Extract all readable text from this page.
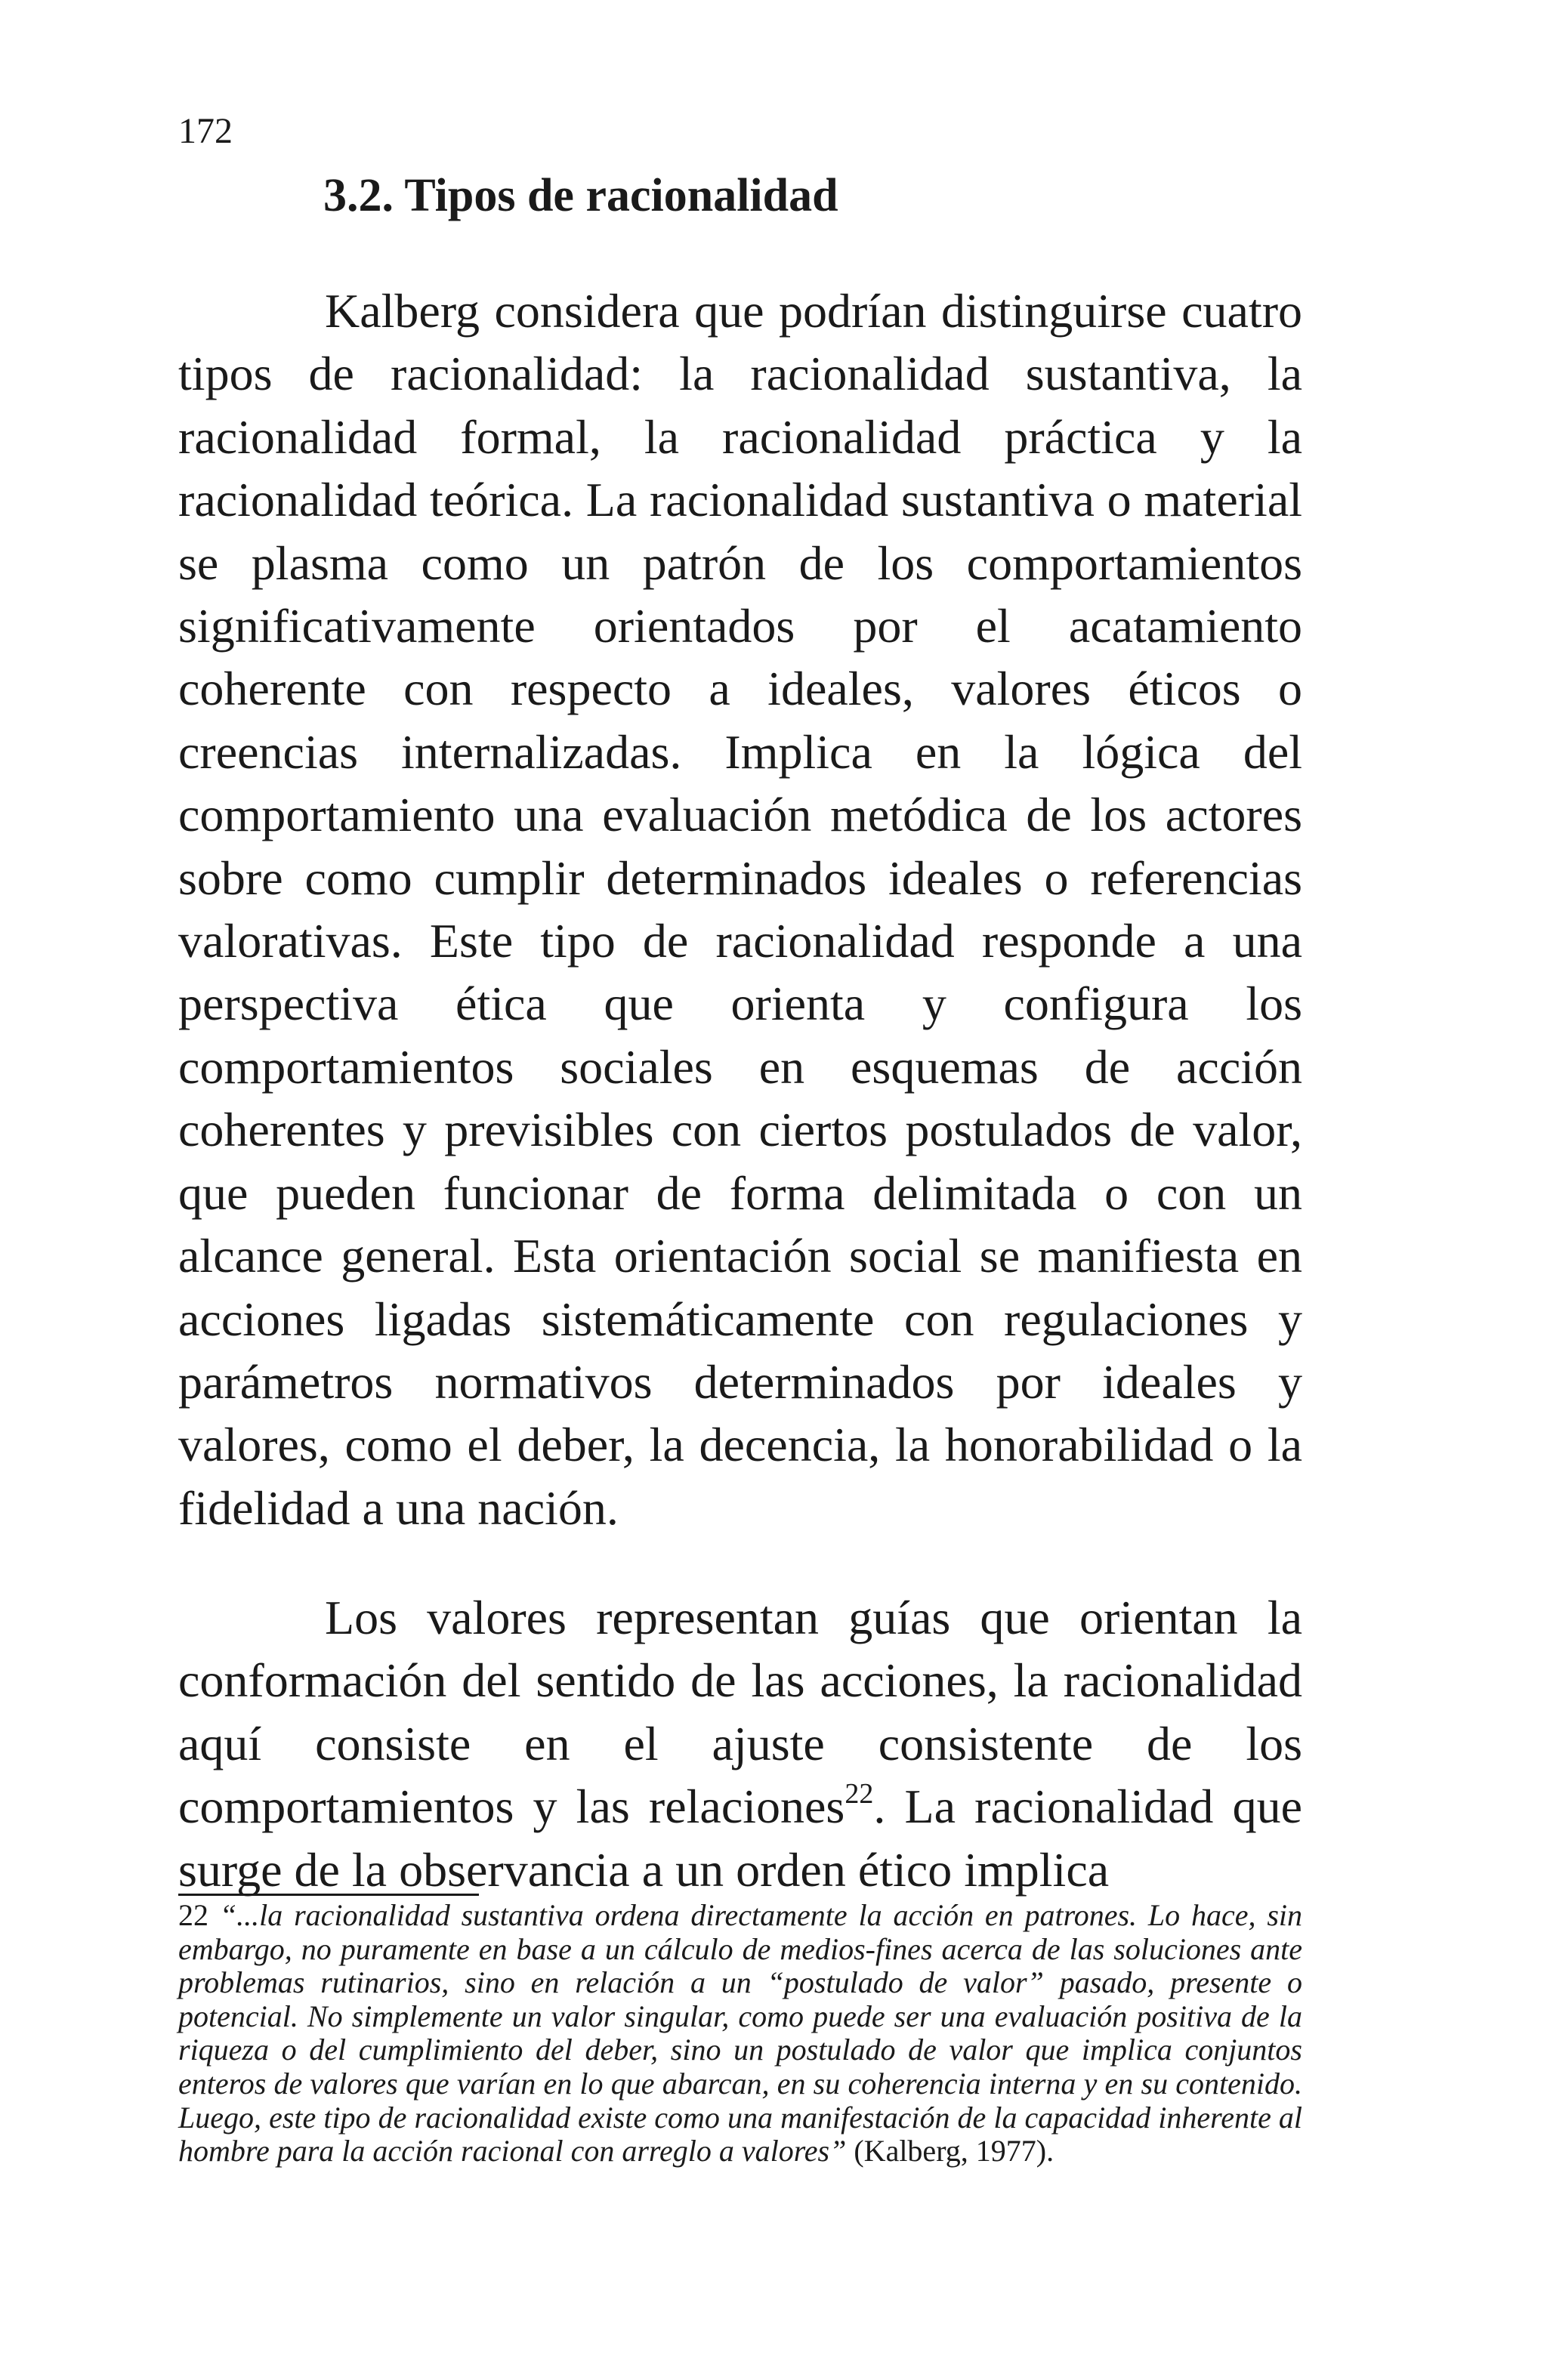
172
3.2. Tipos de racionalidad

Kalberg considera que podrían distinguirse cuatro tipos de racionalidad: la racionalidad sustantiva, la racionalidad formal, la racionalidad práctica y la racionalidad teórica. La racionalidad sustantiva o material se plasma como un patrón de los comportamientos significativamente orientados por el acatamiento coherente con respecto a ideales, valores éticos o creencias internalizadas. Implica en la lógica del comportamiento una evaluación metódica de los actores sobre como cumplir determinados ideales o referencias valorativas. Este tipo de racionalidad responde a una perspectiva ética que orienta y configura los comportamientos sociales en esquemas de acción coherentes y previsibles con ciertos postulados de valor, que pueden funcionar de forma delimitada o con un alcance general. Esta orientación social se manifiesta en acciones ligadas sistemáticamente con regulaciones y parámetros normativos determinados por ideales y valores, como el deber, la decencia, la honorabilidad o la fidelidad a una nación.

Los valores representan guías que orientan la conformación del sentido de las acciones, la racionalidad aquí consiste en el ajuste consistente de los comportamientos y las relaciones$^{22}$. La racionalidad que surge de la observancia a un orden ético implica

22 “...la racionalidad sustantiva ordena directamente la acción en patrones. Lo hace, sin embargo, no puramente en base a un cálculo de medios-fines acerca de las soluciones ante problemas rutinarios, sino en relación a un “postulado de valor” pasado, presente o potencial. No simplemente un valor singular, como puede ser una evaluación positiva de la riqueza o del cumplimiento del deber, sino un postulado de valor que implica conjuntos enteros de valores que varían en lo que abarcan, en su coherencia interna y en su contenido. Luego, este tipo de racionalidad existe como una manifestación de la capacidad inherente al hombre para la acción racional con arreglo a valores” (Kalberg, 1977).
